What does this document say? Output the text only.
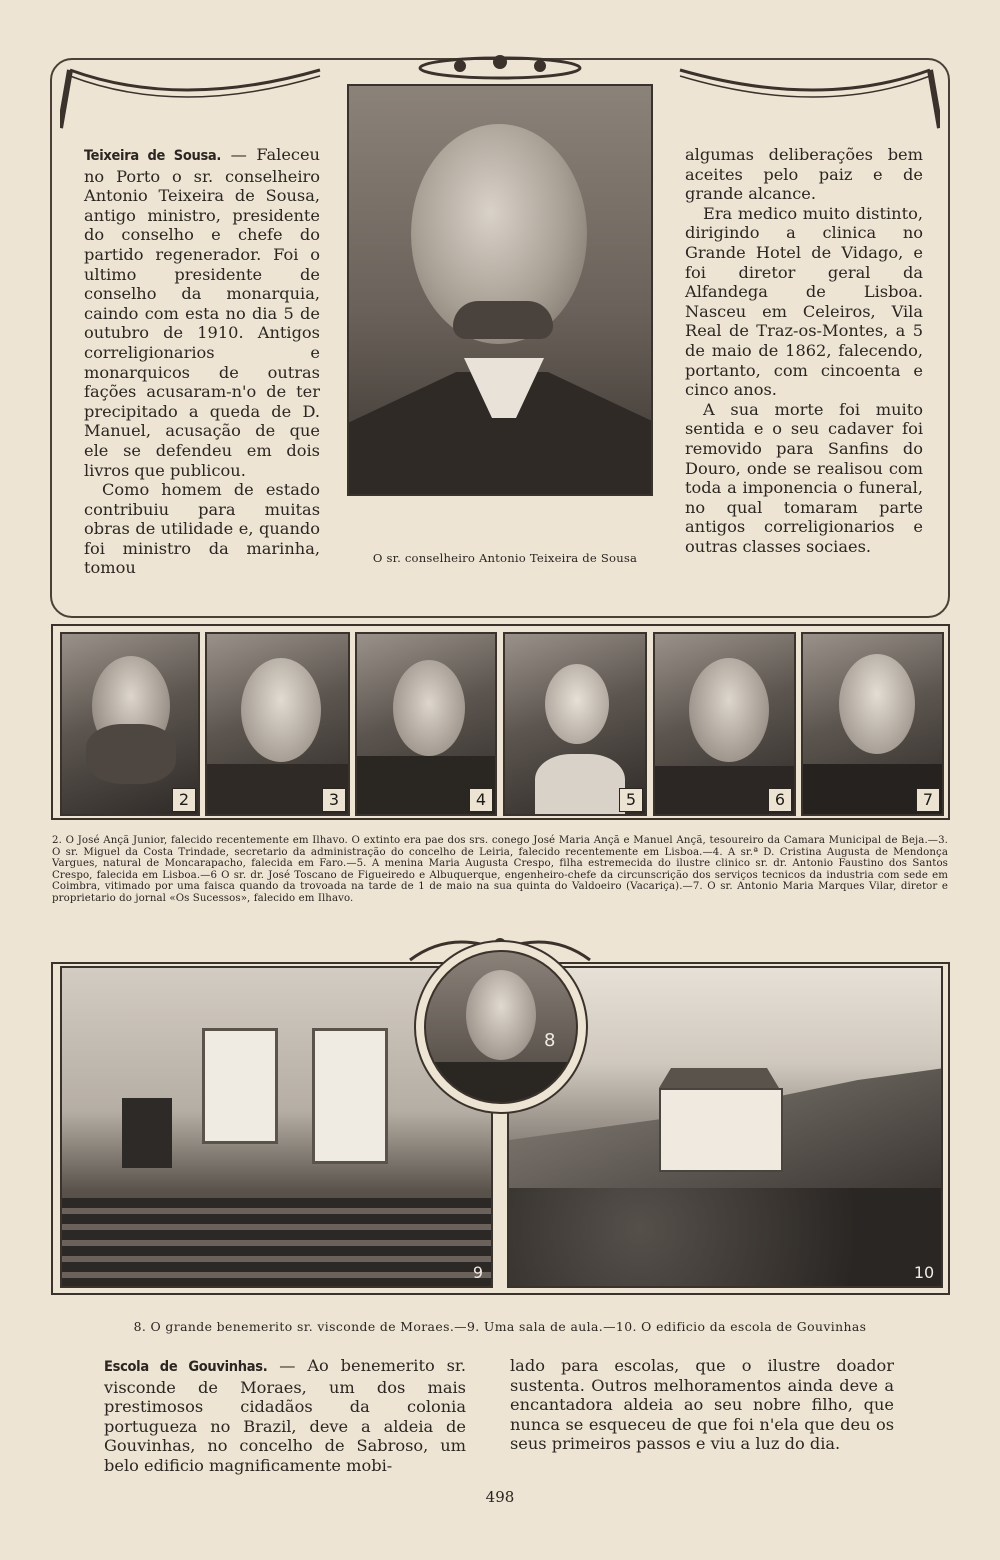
Teixeira de Sousa. — Faleceu no Porto o sr. conselheiro Antonio Teixeira de Sousa, antigo ministro, presidente do conselho e chefe do partido regenerador. Foi o ultimo presidente de conselho da monarquia, caindo com esta no dia 5 de outubro de 1910. Antigos correligionarios e monarquicos de outras fações acusaram-n'o de ter precipitado a queda de D. Manuel, acusação de que ele se defendeu em dois livros que publicou.

Como homem de estado contribuiu para muitas obras de utilidade e, quando foi ministro da marinha, tomou

O sr. conselheiro Antonio Teixeira de Sousa

algumas deliberações bem aceites pelo paiz e de grande alcance.

Era medico muito distinto, dirigindo a clinica no Grande Hotel de Vidago, e foi diretor geral da Alfandega de Lisboa. Nasceu em Celeiros, Vila Real de Traz-os-Montes, a 5 de maio de 1862, falecendo, portanto, com cincoenta e cinco anos.

A sua morte foi muito sentida e o seu cadaver foi removido para Sanfins do Douro, onde se realisou com toda a imponencia o funeral, no qual tomaram parte antigos correligionarios e outras classes sociaes.

2	3	4	5	6	7
2. O José Ançã Junior, falecido recentemente em Ilhavo. O extinto era pae dos srs. conego José Maria Ançã e Manuel Ançã, tesoureiro da Camara Municipal de Beja.—3. O sr. Miguel da Costa Trindade, secretario da administração do concelho de Leiria, falecido recentemente em Lisboa.—4. A sr.ª D. Cristina Augusta de Mendonça Vargues, natural de Moncarapacho, falecida em Faro.—5. A menina Maria Augusta Crespo, filha estremecida do ilustre clinico sr. dr. Antonio Faustino dos Santos Crespo, falecida em Lisboa.—6 O sr. dr. José Toscano de Figueiredo e Albuquerque, engenheiro-chefe da circunscrição dos serviços tecnicos da industria com sede em Coimbra, vitimado por uma faisca quando da trovoada na tarde de 1 de maio na sua quinta do Valdoeiro (Vacariça).—7. O sr. Antonio Maria Marques Vilar, diretor e proprietario do jornal «Os Sucessos», falecido em Ilhavo.
9	10
8
8. O grande benemerito sr. visconde de Moraes.—9. Uma sala de aula.—10. O edificio da escola de Gouvinhas

Escola de Gouvinhas. — Ao benemerito sr. visconde de Moraes, um dos mais prestimosos cidadãos da colonia portugueza no Brazil, deve a aldeia de Gouvinhas, no concelho de Sabroso, um belo edificio magnificamente mobi-

lado para escolas, que o ilustre doador sustenta. Outros melhoramentos ainda deve a encantadora aldeia ao seu nobre filho, que nunca se esqueceu de que foi n'ela que deu os seus primeiros passos e viu a luz do dia.

498
